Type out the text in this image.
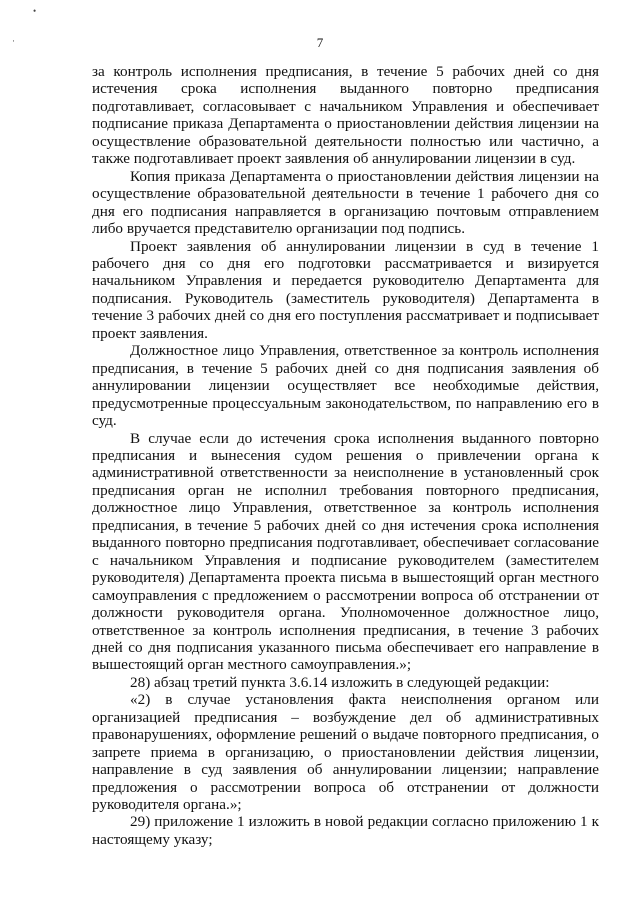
•
·	7

за контроль исполнения предписания, в течение 5 рабочих дней со дня истечения срока исполнения выданного повторно предписания подготавливает, согласовывает с начальником Управления и обеспечивает подписание приказа Департамента о приостановлении действия лицензии на осуществление образовательной деятельности полностью или частично, а также подготавливает проект заявления об аннулировании лицензии в суд.

Копия приказа Департамента о приостановлении действия лицензии на осуществление образовательной деятельности в течение 1 рабочего дня со дня его подписания направляется в организацию почтовым отправлением либо вручается представителю организации под подпись.

Проект заявления об аннулировании лицензии в суд в течение 1 рабочего дня со дня его подготовки рассматривается и визируется начальником Управления и передается руководителю Департамента для подписания. Руководитель (заместитель руководителя) Департамента в течение 3 рабочих дней со дня его поступления рассматривает и подписывает проект заявления.

Должностное лицо Управления, ответственное за контроль исполнения предписания, в течение 5 рабочих дней со дня подписания заявления об аннулировании лицензии осуществляет все необходимые действия, предусмотренные процессуальным законодательством, по направлению его в суд.

В случае если до истечения срока исполнения выданного повторно предписания и вынесения судом решения о привлечении органа к административной ответственности за неисполнение в установленный срок предписания орган не исполнил требования повторного предписания, должностное лицо Управления, ответственное за контроль исполнения предписания, в течение 5 рабочих дней со дня истечения срока исполнения выданного повторно предписания подготавливает, обеспечивает согласование с начальником Управления и подписание руководителем (заместителем руководителя) Департамента проекта письма в вышестоящий орган местного самоуправления с предложением о рассмотрении вопроса об отстранении от должности руководителя органа. Уполномоченное должностное лицо, ответственное за контроль исполнения предписания, в течение 3 рабочих дней со дня подписания указанного письма обеспечивает его направление в вышестоящий орган местного самоуправления.»;

28) абзац третий пункта 3.6.14 изложить в следующей редакции:

«2) в случае установления факта неисполнения органом или организацией предписания – возбуждение дел об административных правонарушениях, оформление решений о выдаче повторного предписания, о запрете приема в организацию, о приостановлении действия лицензии, направление в суд заявления об аннулировании лицензии; направление предложения о рассмотрении вопроса об отстранении от должности руководителя органа.»;

29) приложение 1 изложить в новой редакции согласно приложению 1 к настоящему указу;
